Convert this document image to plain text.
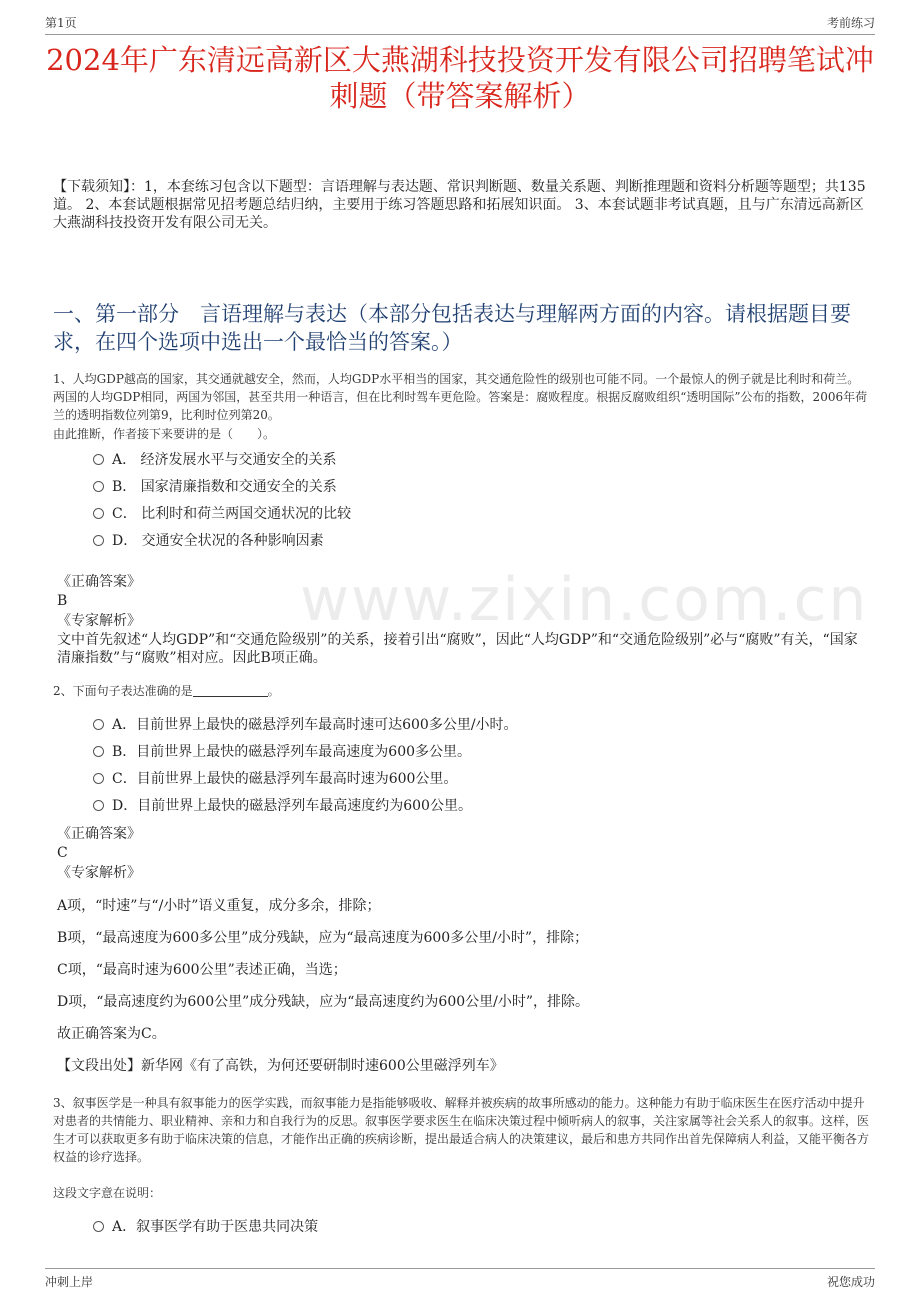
第1页	考前练习
2024年广东清远高新区大燕湖科技投资开发有限公司招聘笔试冲刺题（带答案解析）
【下载须知】：1，本套练习包含以下题型：言语理解与表达题、常识判断题、数量关系题、判断推理题和资料分析题等题型；共135道。 2、本套试题根据常见招考题总结归纳，主要用于练习答题思路和拓展知识面。 3、本套试题非考试真题，且与广东清远高新区大燕湖科技投资开发有限公司无关。
一、第一部分　言语理解与表达（本部分包括表达与理解两方面的内容。请根据题目要求，在四个选项中选出一个最恰当的答案。）
www.zixin.com.cn
1、人均GDP越高的国家，其交通就越安全，然而，人均GDP水平相当的国家，其交通危险性的级别也可能不同。一个最惊人的例子就是比利时和荷兰。两国的人均GDP相同，两国为邻国，甚至共用一种语言，但在比利时驾车更危险。答案是：腐败程度。根据反腐败组织“透明国际”公布的指数，2006年荷兰的透明指数位列第9，比利时位列第20。
由此推断，作者接下来要讲的是（　　）。
A． 经济发展水平与交通安全的关系
B． 国家清廉指数和交通安全的关系
C． 比利时和荷兰两国交通状况的比较
D． 交通安全状况的各种影响因素
《正确答案》
B
《专家解析》
文中首先叙述“人均GDP”和“交通危险级别”的关系，接着引出“腐败”，因此“人均GDP”和“交通危险级别”必与“腐败”有关，“国家清廉指数”与“腐败”相对应。因此B项正确。
2、下面句子表达准确的是	。
A．目前世界上最快的磁悬浮列车最高时速可达600多公里/小时。
B．目前世界上最快的磁悬浮列车最高速度为600多公里。
C．目前世界上最快的磁悬浮列车最高时速为600公里。
D．目前世界上最快的磁悬浮列车最高速度约为600公里。
《正确答案》
C
《专家解析》
A项，“时速”与“/小时”语义重复，成分多余，排除；
B项，“最高速度为600多公里”成分残缺，应为“最高速度为600多公里/小时”，排除；
C项，“最高时速为600公里”表述正确，当选；
D项，“最高速度约为600公里”成分残缺，应为“最高速度约为600公里/小时”，排除。
故正确答案为C。
【文段出处】新华网《有了高铁，为何还要研制时速600公里磁浮列车》
3、叙事医学是一种具有叙事能力的医学实践，而叙事能力是指能够吸收、解释并被疾病的故事所感动的能力。这种能力有助于临床医生在医疗活动中提升对患者的共情能力、职业精神、亲和力和自我行为的反思。叙事医学要求医生在临床决策过程中倾听病人的叙事，关注家属等社会关系人的叙事。这样，医生才可以获取更多有助于临床决策的信息，才能作出正确的疾病诊断，提出最适合病人的决策建议，最后和患方共同作出首先保障病人利益，又能平衡各方权益的诊疗选择。
这段文字意在说明：
A．叙事医学有助于医患共同决策
冲刺上岸	祝您成功
